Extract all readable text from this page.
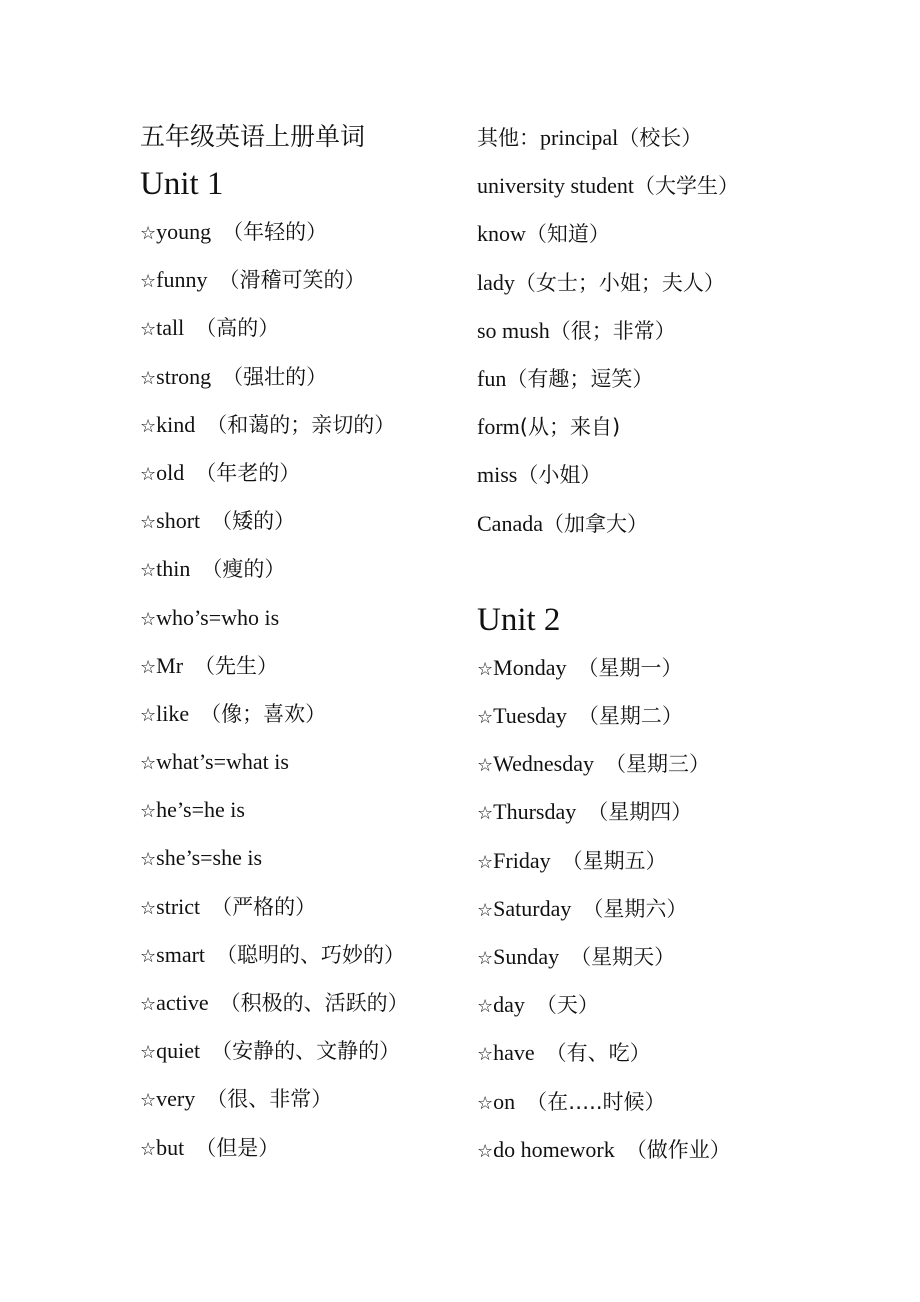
五年级英语上册单词
Unit 1
☆young （年轻的）
☆funny （滑稽可笑的）
☆tall （高的）
☆strong （强壮的）
☆kind （和蔼的；亲切的）
☆old （年老的）
☆short （矮的）
☆thin （瘦的）
☆who’s=who is
☆Mr （先生）
☆like （像；喜欢）
☆what’s=what is
☆he’s=he is
☆she’s=she is
☆strict （严格的）
☆smart （聪明的、巧妙的）
☆active （积极的、活跃的）
☆quiet （安静的、文静的）
☆very （很、非常）
☆but （但是）
其他：principal（校长）
university student（大学生）
know（知道）
lady（女士；小姐；夫人）
so mush（很；非常）
fun（有趣；逗笑）
form(从；来自)
miss（小姐）
Canada（加拿大）
Unit 2
☆Monday （星期一）
☆Tuesday （星期二）
☆Wednesday （星期三）
☆Thursday （星期四）
☆Friday （星期五）
☆Saturday （星期六）
☆Sunday （星期天）
☆day （天）
☆have （有、吃）
☆on （在…..时候）
☆do homework （做作业）
